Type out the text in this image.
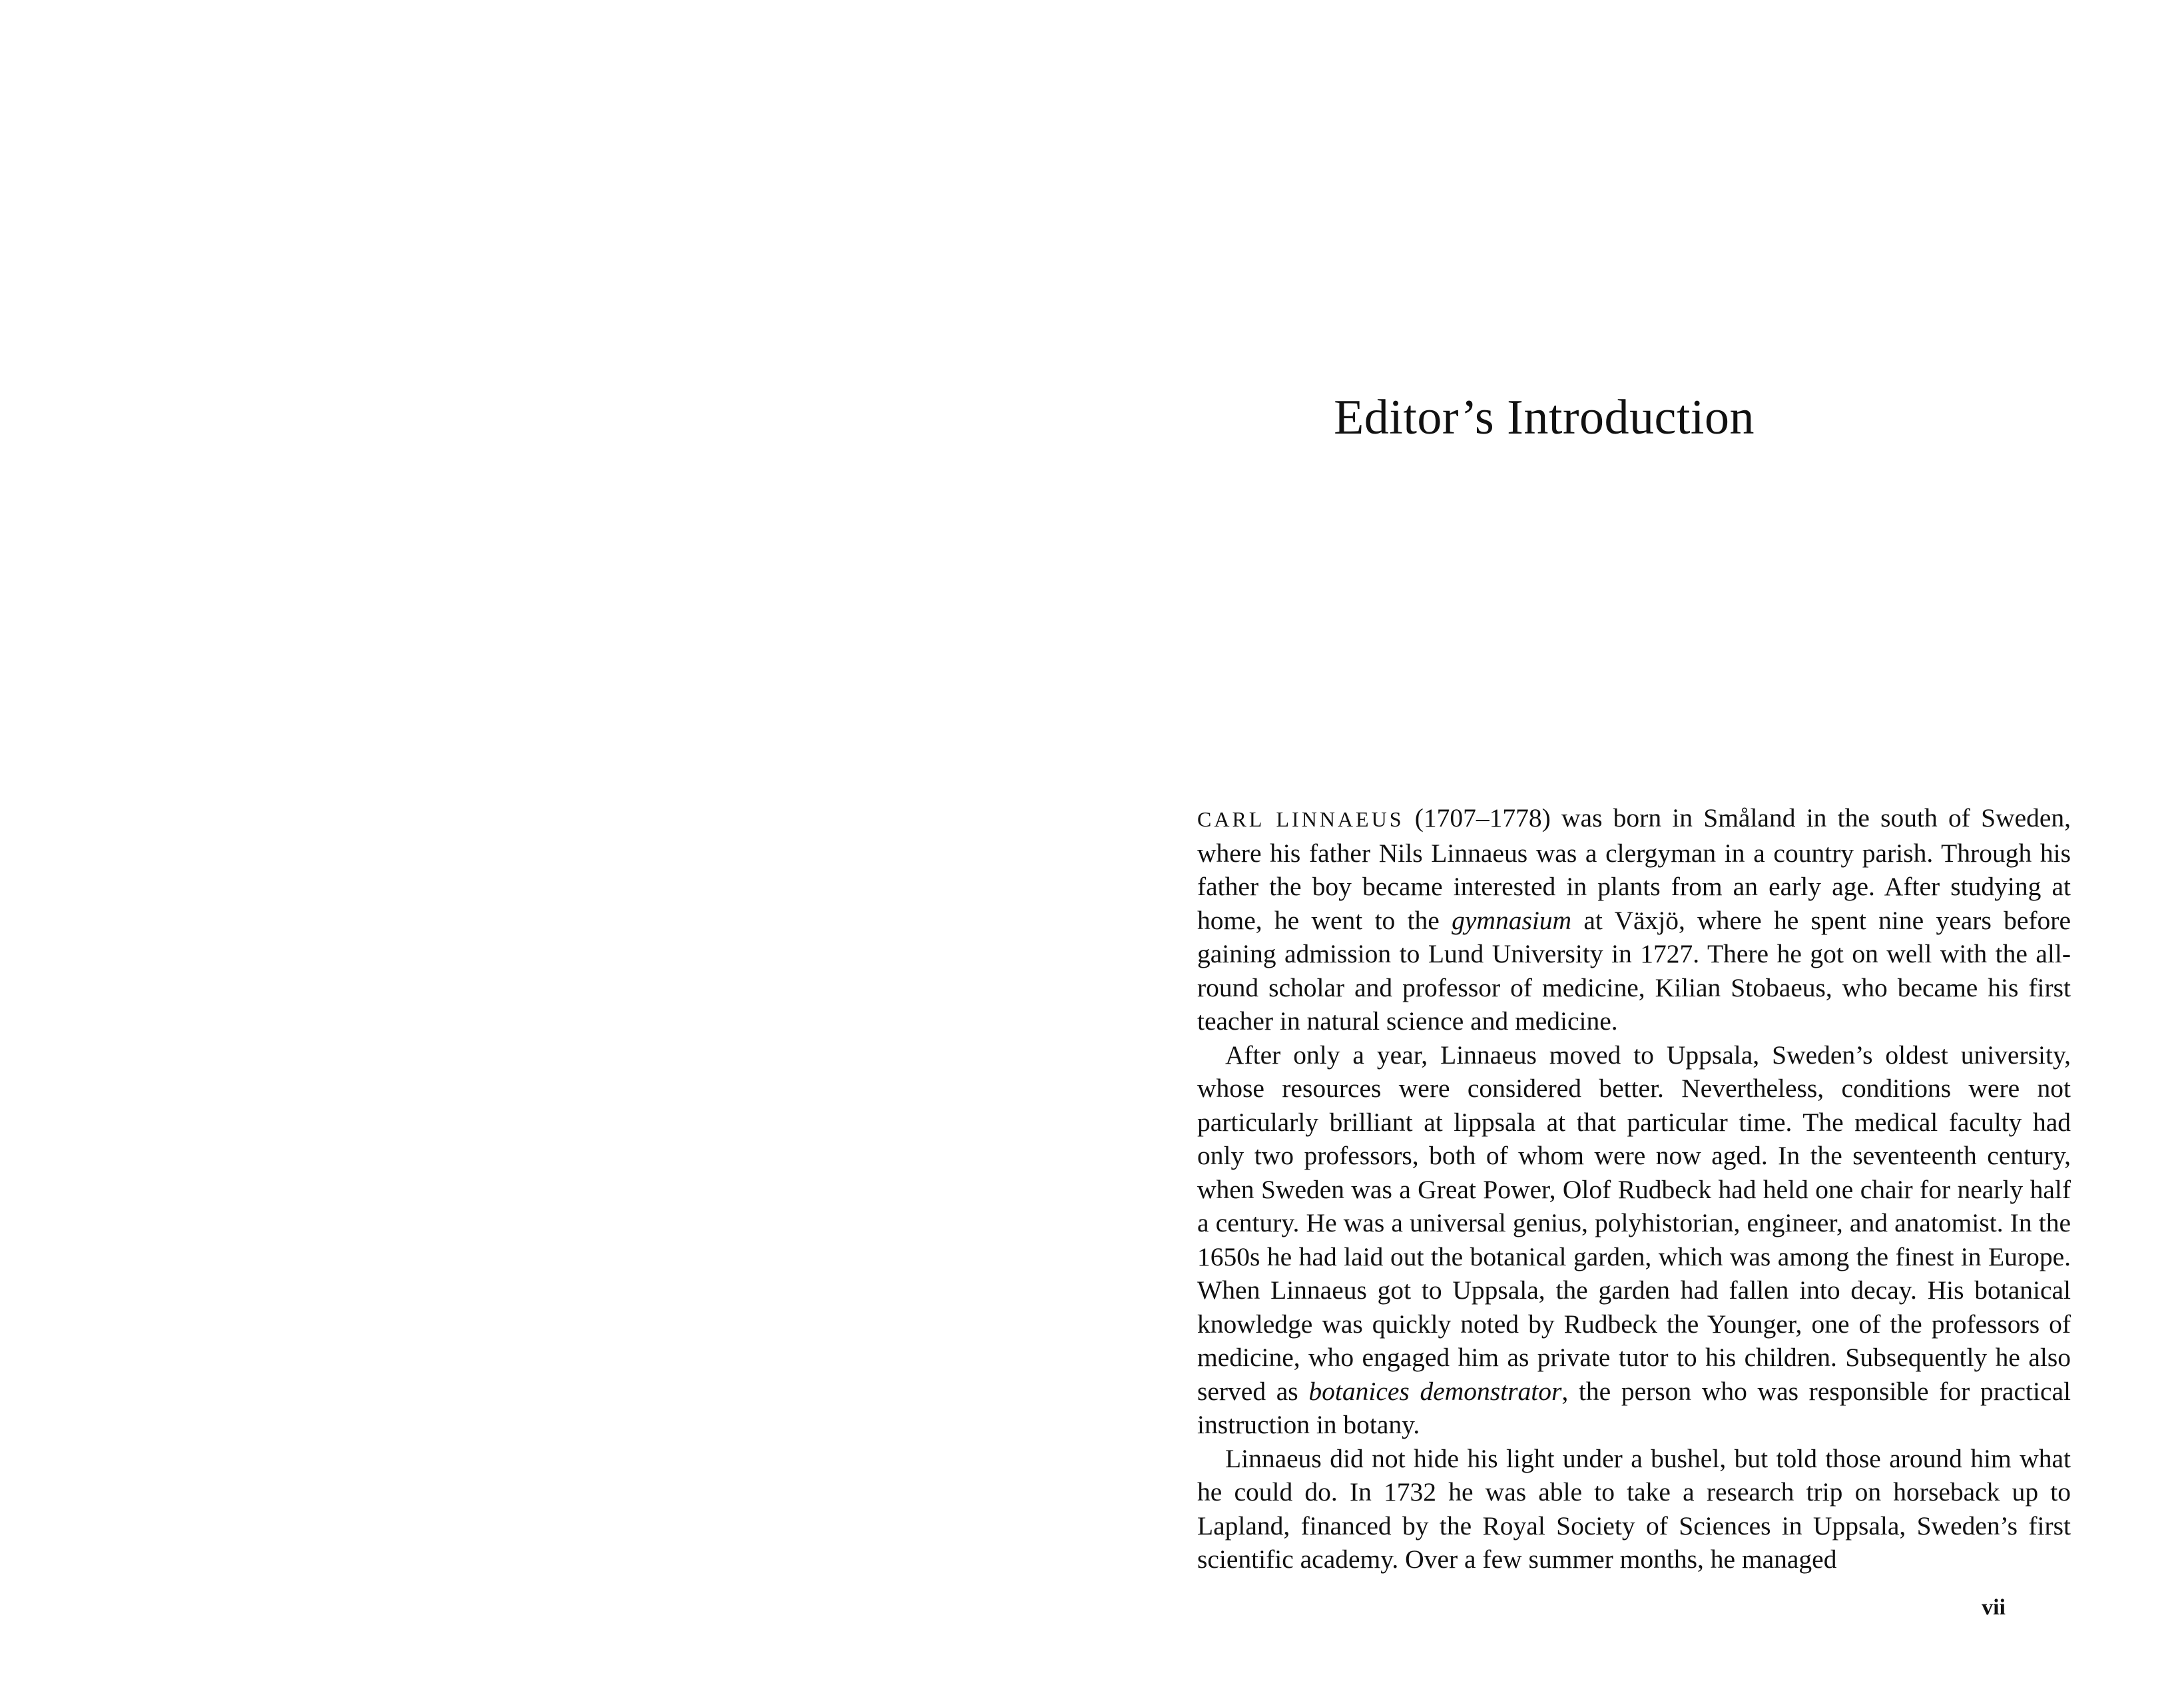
Editor’s Introduction

CARL LINNAEUS (1707–1778) was born in Småland in the south of Sweden, where his father Nils Linnaeus was a clergyman in a country parish. Through his father the boy became interested in plants from an early age. After studying at home, he went to the gymnasium at Växjö, where he spent nine years before gaining admission to Lund University in 1727. There he got on well with the all-round scholar and professor of medicine, Kilian Stobaeus, who became his first teacher in natural science and medicine.

After only a year, Linnaeus moved to Uppsala, Sweden’s oldest university, whose resources were considered better. Nevertheless, conditions were not particularly brilliant at lippsala at that particular time. The medical faculty had only two professors, both of whom were now aged. In the seventeenth century, when Sweden was a Great Power, Olof Rudbeck had held one chair for nearly half a century. He was a universal genius, polyhistorian, engineer, and anatomist. In the 1650s he had laid out the botanical garden, which was among the finest in Europe. When Linnaeus got to Uppsala, the garden had fallen into decay. His botanical knowledge was quickly noted by Rudbeck the Younger, one of the professors of medicine, who engaged him as private tutor to his children. Subsequently he also served as botanices demonstrator, the person who was responsible for practical instruction in botany.

Linnaeus did not hide his light under a bushel, but told those around him what he could do. In 1732 he was able to take a research trip on horseback up to Lapland, financed by the Royal Society of Sciences in Uppsala, Sweden’s first scientific academy. Over a few summer months, he managed

vii
